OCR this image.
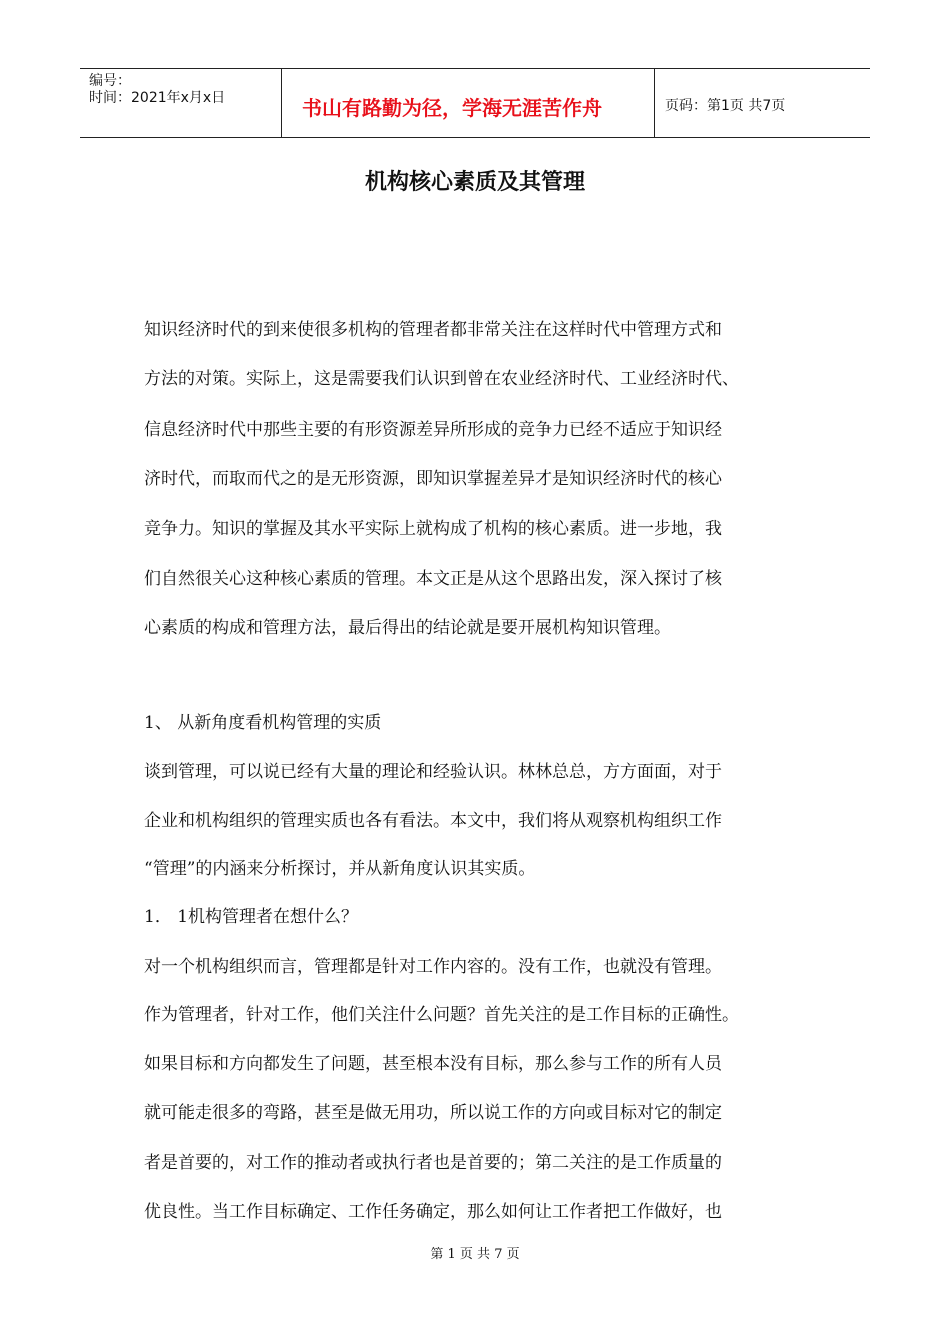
编号：
时间：2021年x月x日	书山有路勤为径，学海无涯苦作舟	页码：第1页 共7页
机构核心素质及其管理
知识经济时代的到来使很多机构的管理者都非常关注在这样时代中管理方式和
方法的对策。实际上，这是需要我们认识到曾在农业经济时代、工业经济时代、
信息经济时代中那些主要的有形资源差异所形成的竞争力已经不适应于知识经
济时代，而取而代之的是无形资源，即知识掌握差异才是知识经济时代的核心
竞争力。知识的掌握及其水平实际上就构成了机构的核心素质。进一步地，我
们自然很关心这种核心素质的管理。本文正是从这个思路出发，深入探讨了核
心素质的构成和管理方法，最后得出的结论就是要开展机构知识管理。
1、 从新角度看机构管理的实质
谈到管理，可以说已经有大量的理论和经验认识。林林总总，方方面面，对于
企业和机构组织的管理实质也各有看法。本文中，我们将从观察机构组织工作
“管理”的内涵来分析探讨，并从新角度认识其实质。
1． 1机构管理者在想什么？
对一个机构组织而言，管理都是针对工作内容的。没有工作，也就没有管理。
作为管理者，针对工作，他们关注什么问题？首先关注的是工作目标的正确性。
如果目标和方向都发生了问题，甚至根本没有目标，那么参与工作的所有人员
就可能走很多的弯路，甚至是做无用功，所以说工作的方向或目标对它的制定
者是首要的，对工作的推动者或执行者也是首要的；第二关注的是工作质量的
优良性。当工作目标确定、工作任务确定，那么如何让工作者把工作做好，也
第 1 页 共 7 页
